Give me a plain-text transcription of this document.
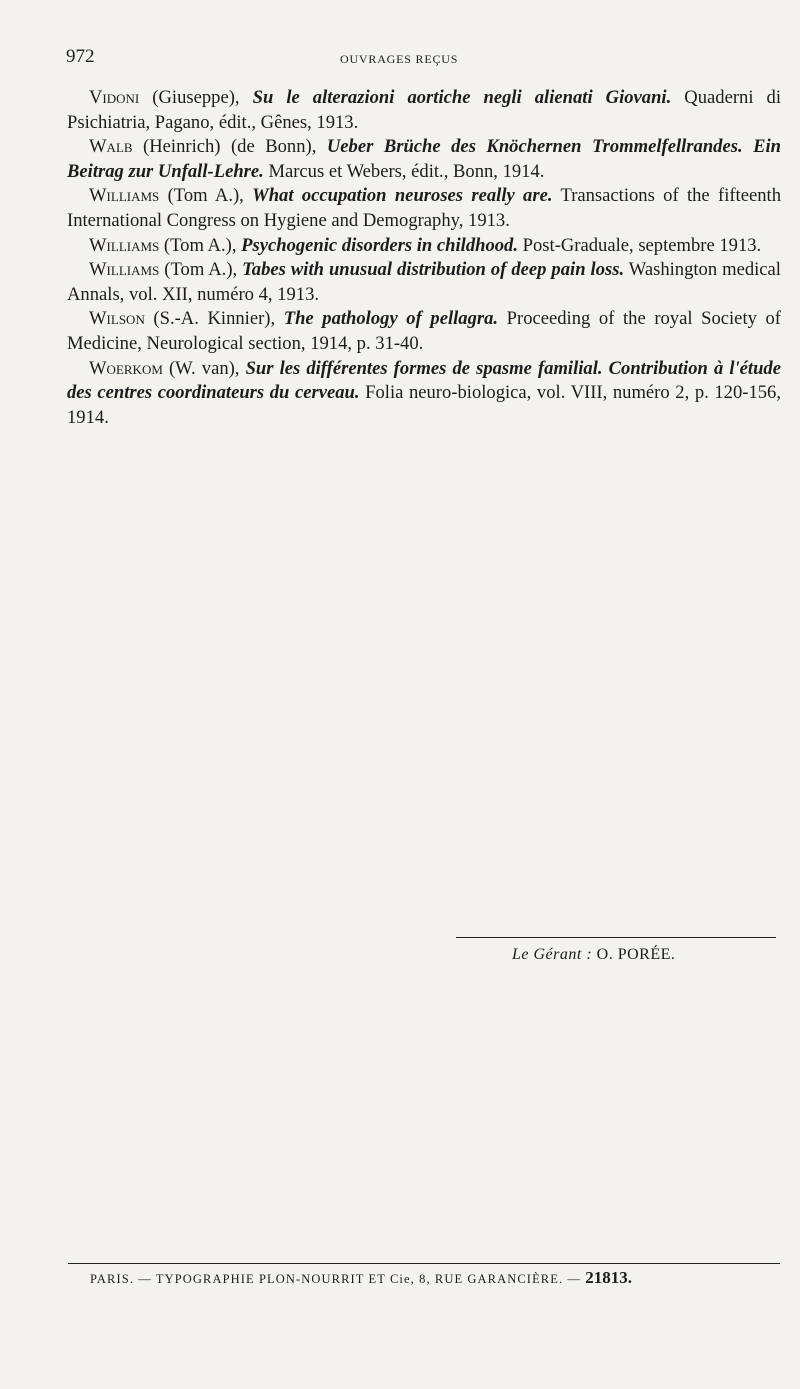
972	OUVRAGES REÇUS

Vidoni (Giuseppe), Su le alterazioni aortiche negli alienati Giovani. Quaderni di Psichiatria, Pagano, édit., Gênes, 1913.

Walb (Heinrich) (de Bonn), Ueber Brüche des Knöchernen Trommelfellrandes. Ein Beitrag zur Unfall-Lehre. Marcus et Webers, édit., Bonn, 1914.

Williams (Tom A.), What occupation neuroses really are. Transactions of the fifteenth International Congress on Hygiene and Demography, 1913.

Williams (Tom A.), Psychogenic disorders in childhood. Post-Graduale, septembre 1913.

Williams (Tom A.), Tabes with unusual distribution of deep pain loss. Washington medical Annals, vol. XII, numéro 4, 1913.

Wilson (S.-A. Kinnier), The pathology of pellagra. Proceeding of the royal Society of Medicine, Neurological section, 1914, p. 31-40.

Woerkom (W. van), Sur les différentes formes de spasme familial. Contribution à l'étude des centres coordinateurs du cerveau. Folia neuro-biologica, vol. VIII, numéro 2, p. 120-156, 1914.

Le Gérant : O. PORÉE.
PARIS. — TYPOGRAPHIE PLON-NOURRIT ET Cie, 8, RUE GARANCIÈRE. — 21813.
